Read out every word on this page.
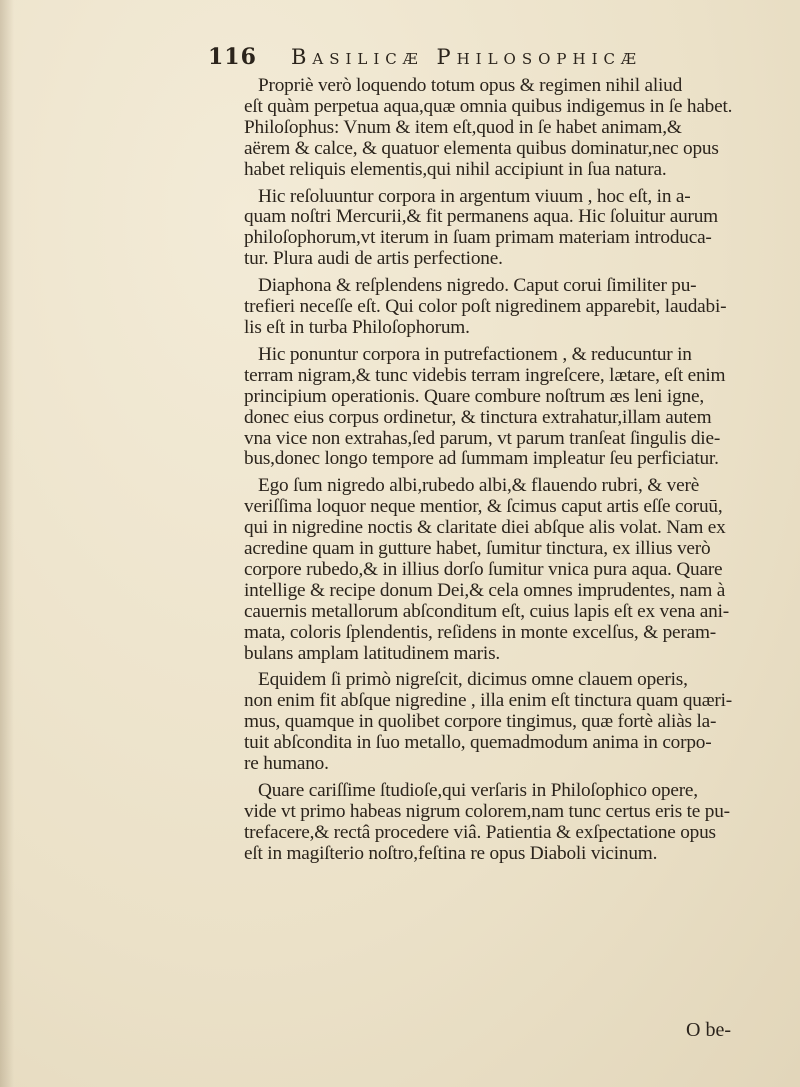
116 Basilicæ Philosophicæ
Propriè verò loquendo totum opus & regimen nihil aliud
eſt quàm perpetua aqua,quæ omnia quibus indigemus in ſe habet.
Philoſophus: Vnum & item eſt,quod in ſe habet animam,&
aërem & calce, & quatuor elementa quibus dominatur,nec opus
habet reliquis elementis,qui nihil accipiunt in ſua natura.
Hic reſoluuntur corpora in argentum viuum , hoc eſt, in a-
quam noſtri Mercurii,& fit permanens aqua. Hic ſoluitur aurum
philoſophorum,vt iterum in ſuam primam materiam introduca-
tur. Plura audi de artis perfectione.
Diaphona & reſplendens nigredo. Caput corui ſimiliter pu-
trefieri neceſſe eſt. Qui color poſt nigredinem apparebit, laudabi-
lis eſt in turba Philoſophorum.
Hic ponuntur corpora in putrefactionem , & reducuntur in
terram nigram,& tunc videbis terram ingreſcere, lætare, eſt enim
principium operationis. Quare combure noſtrum æs leni igne,
donec eius corpus ordinetur, & tinctura extrahatur,illam autem
vna vice non extrahas,ſed parum, vt parum tranſeat ſingulis die-
bus,donec longo tempore ad ſummam impleatur ſeu perficiatur.
Ego ſum nigredo albi,rubedo albi,& flauendo rubri, & verè
veriſſima loquor neque mentior, & ſcimus caput artis eſſe coruū,
qui in nigredine noctis & claritate diei abſque alis volat. Nam ex
acredine quam in gutture habet, ſumitur tinctura, ex illius verò
corpore rubedo,& in illius dorſo ſumitur vnica pura aqua. Quare
intellige & recipe donum Dei,& cela omnes imprudentes, nam à
cauernis metallorum abſconditum eſt, cuius lapis eſt ex vena ani-
mata, coloris ſplendentis, reſidens in monte excelſus, & peram-
bulans amplam latitudinem maris.
Equidem ſi primò nigreſcit, dicimus omne clauem operis,
non enim fit abſque nigredine , illa enim eſt tinctura quam quæri-
mus, quamque in quolibet corpore tingimus, quæ fortè aliàs la-
tuit abſcondita in ſuo metallo, quemadmodum anima in corpo-
re humano.
Quare cariſſime ſtudioſe,qui verſaris in Philoſophico opere,
vide vt primo habeas nigrum colorem,nam tunc certus eris te pu-
trefacere,& rectâ procedere viâ. Patientia & exſpectatione opus
eſt in magiſterio noſtro,feſtina re opus Diaboli vicinum.
O be-
